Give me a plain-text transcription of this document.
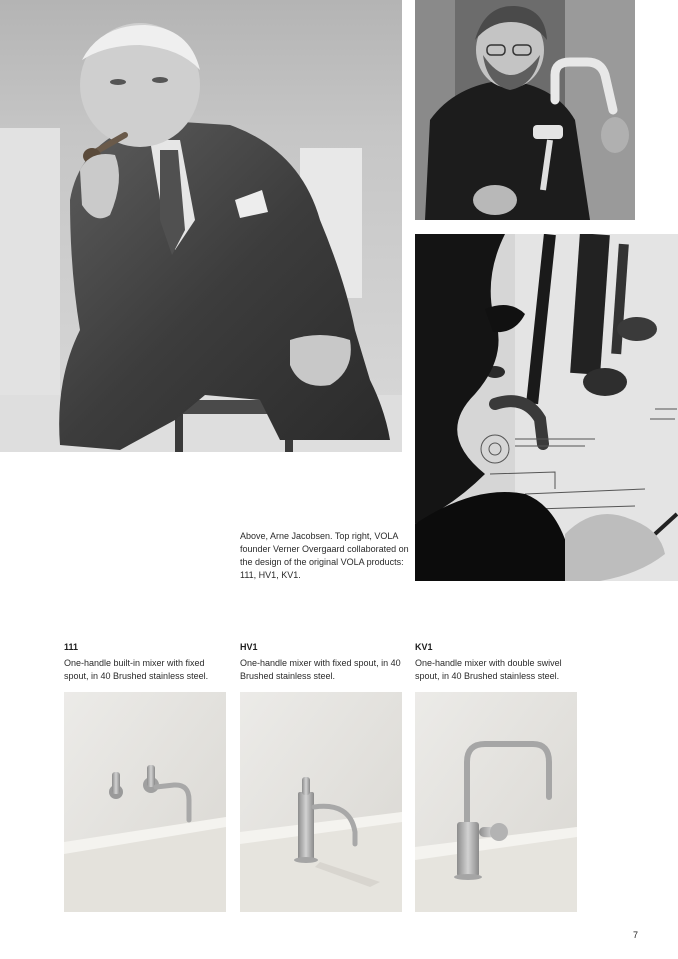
Above, Arne Jacobsen. Top right, VOLA founder Verner Overgaard collaborated on the design of the original VOLA products: 111, HV1, KV1.

111

One-handle built-in mixer with fixed spout, in 40 Brushed stainless steel.

HV1

One-handle mixer with fixed spout, in 40 Brushed stainless steel.

KV1

One-handle mixer with double swivel spout, in 40 Brushed stainless steel.

7
